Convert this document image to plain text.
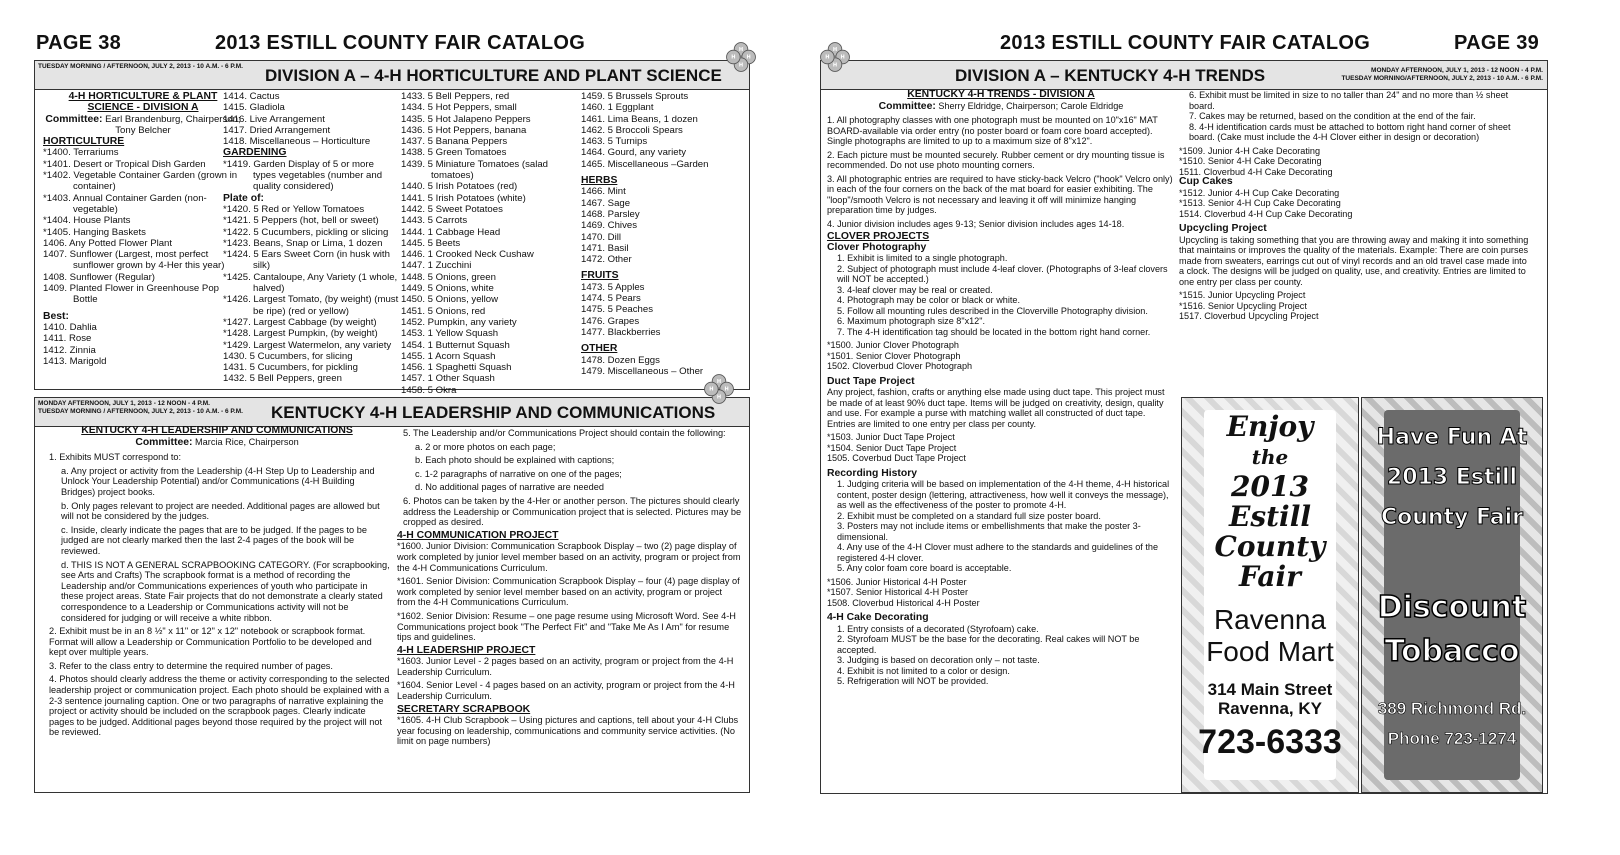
PAGE 38	2013 ESTILL COUNTY FAIR CATALOG
TUESDAY MORNING / AFTERNOON, JULY 2, 2013 - 10 A.M. - 6 P.M.	DIVISION A – 4-H HORTICULTURE AND PLANT SCIENCE
4-H HORTICULTURE & PLANT
SCIENCE - DIVISION A
Committee: Earl Brandenburg, Chairperson; Tony Belcher
HORTICULTURE
*1400. Terrariums
*1401. Desert or Tropical Dish Garden
*1402. Vegetable Container Garden (grown in container)
*1403. Annual Container Garden (non-vegetable)
*1404. House Plants
*1405. Hanging Baskets
1406. Any Potted Flower Plant
1407. Sunflower (Largest, most perfect sunflower grown by 4-Her this year)
1408. Sunflower (Regular)
1409. Planted Flower in Greenhouse Pop Bottle
Best:
1410. Dahlia
1411. Rose
1412. Zinnia
1413. Marigold
1414. Cactus
1415. Gladiola
1416. Live Arrangement
1417. Dried Arrangement
1418. Miscellaneous – Horticulture
GARDENING
*1419. Garden Display of 5 or more types vegetables (number and quality considered)
Plate of:
*1420. 5 Red or Yellow Tomatoes
*1421. 5 Peppers (hot, bell or sweet)
*1422. 5 Cucumbers, pickling or slicing
*1423. Beans, Snap or Lima, 1 dozen
*1424. 5 Ears Sweet Corn (in husk with silk)
*1425. Cantaloupe, Any Variety (1 whole, halved)
*1426. Largest Tomato, (by weight) (must be ripe) (red or yellow)
*1427. Largest Cabbage (by weight)
*1428. Largest Pumpkin, (by weight)
*1429. Largest Watermelon, any variety
1430. 5 Cucumbers, for slicing
1431. 5 Cucumbers, for pickling
1432. 5 Bell Peppers, green
1433. 5 Bell Peppers, red
1434. 5 Hot Peppers, small
1435. 5 Hot Jalapeno Peppers
1436. 5 Hot Peppers, banana
1437. 5 Banana Peppers
1438. 5 Green Tomatoes
1439. 5 Miniature Tomatoes (salad tomatoes)
1440. 5 Irish Potatoes (red)
1441. 5 Irish Potatoes (white)
1442. 5 Sweet Potatoes
1443. 5 Carrots
1444. 1 Cabbage Head
1445. 5 Beets
1446. 1 Crooked Neck Cushaw
1447. 1 Zucchini
1448. 5 Onions, green
1449. 5 Onions, white
1450. 5 Onions, yellow
1451. 5 Onions, red
1452. Pumpkin, any variety
1453. 1 Yellow Squash
1454. 1 Butternut Squash
1455. 1 Acorn Squash
1456. 1 Spaghetti Squash
1457. 1 Other Squash
1458. 5 Okra
1459. 5 Brussels Sprouts
1460. 1 Eggplant
1461. Lima Beans, 1 dozen
1462. 5 Broccoli Spears
1463. 5 Turnips
1464. Gourd, any variety
1465. Miscellaneous –Garden
HERBS
1466. Mint
1467. Sage
1468. Parsley
1469. Chives
1470. Dill
1471. Basil
1472. Other
FRUITS
1473. 5 Apples
1474. 5 Pears
1475. 5 Peaches
1476. Grapes
1477. Blackberries
OTHER
1478. Dozen Eggs
1479. Miscellaneous – Other
MONDAY AFTERNOON, JULY 1, 2013 - 12 NOON - 4 P.M.
TUESDAY MORNING / AFTERNOON, JULY 2, 2013 - 10 A.M. - 6 P.M.	KENTUCKY 4-H LEADERSHIP AND COMMUNICATIONS
KENTUCKY 4-H LEADERSHIP AND COMMUNICATIONS
Committee: Marcia Rice, Chairperson

1. Exhibits MUST correspond to:

a. Any project or activity from the Leadership (4-H Step Up to Leadership and Unlock Your Leadership Potential) and/or Communications (4-H Building Bridges) project books.

b. Only pages relevant to project are needed. Additional pages are allowed but will not be considered by the judges.

c. Inside, clearly indicate the pages that are to be judged. If the pages to be judged are not clearly marked then the last 2-4 pages of the book will be reviewed.

d. THIS IS NOT A GENERAL SCRAPBOOKING CATEGORY. (For scrapbooking, see Arts and Crafts) The scrapbook format is a method of recording the Leadership and/or Communications experiences of youth who participate in these project areas. State Fair projects that do not demonstrate a clearly stated correspondence to a Leadership or Communications activity will not be considered for judging or will receive a white ribbon.

2. Exhibit must be in an 8 ½" x 11" or 12" x 12" notebook or scrapbook format. Format will allow a Leadership or Communication Portfolio to be developed and kept over multiple years.

3. Refer to the class entry to determine the required number of pages.

4. Photos should clearly address the theme or activity corresponding to the selected leadership project or communication project. Each photo should be explained with a 2-3 sentence journaling caption. One or two paragraphs of narrative explaining the project or activity should be included on the scrapbook pages. Clearly indicate pages to be judged. Additional pages beyond those required by the project will not be reviewed.

5. The Leadership and/or Communications Project should contain the following:

a. 2 or more photos on each page;

b. Each photo should be explained with captions;

c. 1-2 paragraphs of narrative on one of the pages;

d. No additional pages of narrative are needed

6. Photos can be taken by the 4-Her or another person. The pictures should clearly address the Leadership or Communication project that is selected. Pictures may be cropped as desired.

4-H COMMUNICATION PROJECT

*1600. Junior Division: Communication Scrapbook Display – two (2) page display of work completed by junior level member based on an activity, program or project from the 4-H Communications Curriculum.

*1601. Senior Division: Communication Scrapbook Display – four (4) page display of work completed by senior level member based on an activity, program or project from the 4-H Communications Curriculum.

*1602. Senior Division: Resume – one page resume using Microsoft Word. See 4-H Communications project book "The Perfect Fit" and "Take Me As I Am" for resume tips and guidelines.

4-H LEADERSHIP PROJECT

*1603. Junior Level - 2 pages based on an activity, program or project from the 4-H Leadership Curriculum.

*1604. Senior Level - 4 pages based on an activity, program or project from the 4-H Leadership Curriculum.

SECRETARY SCRAPBOOK

*1605. 4-H Club Scrapbook – Using pictures and captions, tell about your 4-H Clubs year focusing on leadership, communications and community service activities. (No limit on page numbers)

H
H
H
H
H
H
H
H
2013 ESTILL COUNTY FAIR CATALOG	PAGE 39
DIVISION A – KENTUCKY 4-H TRENDS	MONDAY AFTERNOON, JULY 1, 2013 - 12 NOON - 4 P.M.
TUESDAY MORNING/AFTERNOON, JULY 2, 2013 - 10 A.M. - 6 P.M.
KENTUCKY 4-H TRENDS - DIVISION A
Committee: Sherry Eldridge, Chairperson; Carole Eldridge

1. All photography classes with one photograph must be mounted on 10"x16" MAT BOARD-available via order entry (no poster board or foam core board accepted). Single photographs are limited to up to a maximum size of 8"x12".

2. Each picture must be mounted securely. Rubber cement or dry mounting tissue is recommended. Do not use photo mounting corners.

3. All photographic entries are required to have sticky-back Velcro ("hook" Velcro only) in each of the four corners on the back of the mat board for easier exhibiting. The "loop"/smooth Velcro is not necessary and leaving it off will minimize hanging preparation time by judges.

4. Junior division includes ages 9-13; Senior division includes ages 14-18.

CLOVER PROJECTS
Clover Photography
1. Exhibit is limited to a single photograph.
2. Subject of photograph must include 4-leaf clover. (Photographs of 3-leaf clovers will NOT be accepted.)
3. 4-leaf clover may be real or created.
4. Photograph may be color or black or white.
5. Follow all mounting rules described in the Cloverville Photography division.
6. Maximum photograph size 8"x12".
7. The 4-H identification tag should be located in the bottom right hand corner.
*1500. Junior Clover Photograph
*1501. Senior Clover Photograph
1502. Cloverbud Clover Photograph
Duct Tape Project

Any project, fashion, crafts or anything else made using duct tape. This project must be made of at least 90% duct tape. Items will be judged on creativity, design, quality and use. For example a purse with matching wallet all constructed of duct tape. Entries are limited to one entry per class per county.

*1503. Junior Duct Tape Project
*1504. Senior Duct Tape Project
1505. Coverbud Duct Tape Project
Recording History
1. Judging criteria will be based on implementation of the 4-H theme, 4-H historical content, poster design (lettering, attractiveness, how well it conveys the message), as well as the effectiveness of the poster to promote 4-H.
2. Exhibit must be completed on a standard full size poster board.
3. Posters may not include items or embellishments that make the poster 3-dimensional.
4. Any use of the 4-H Clover must adhere to the standards and guidelines of the registered 4-H clover.
5. Any color foam core board is acceptable.
*1506. Junior Historical 4-H Poster
*1507. Senior Historical 4-H Poster
1508. Cloverbud Historical 4-H Poster
4-H Cake Decorating
1. Entry consists of a decorated (Styrofoam) cake.
2. Styrofoam MUST be the base for the decorating. Real cakes will NOT be accepted.
3. Judging is based on decoration only – not taste.
4. Exhibit is not limited to a color or design.
5. Refrigeration will NOT be provided.
6. Exhibit must be limited in size to no taller than 24" and no more than ½ sheet board.
7. Cakes may be returned, based on the condition at the end of the fair.
8. 4-H identification cards must be attached to bottom right hand corner of sheet board. (Cake must include the 4-H Clover either in design or decoration)
*1509. Junior 4-H Cake Decorating
*1510. Senior 4-H Cake Decorating
1511. Cloverbud 4-H Cake Decorating
Cup Cakes
*1512. Junior 4-H Cup Cake Decorating
*1513. Senior 4-H Cup Cake Decorating
1514. Cloverbud 4-H Cup Cake Decorating
Upcycling Project

Upcycling is taking something that you are throwing away and making it into something that maintains or improves the quality of the materials. Example: There are coin purses made from sweaters, earrings cut out of vinyl records and an old travel case made into a clock. The designs will be judged on quality, use, and creativity. Entries are limited to one entry per class per county.

*1515. Junior Upcycling Project
*1516. Senior Upcycling Project
1517. Cloverbud Upcycling Project
Enjoy
the
2013
Estill
County
Fair
Ravenna
Food Mart
314 Main Street
Ravenna, KY
723-6333
Have Fun At
2013 Estill
County Fair
Discount
Tobacco
389 Richmond Rd.
Phone 723-1274
H
H
H
H
